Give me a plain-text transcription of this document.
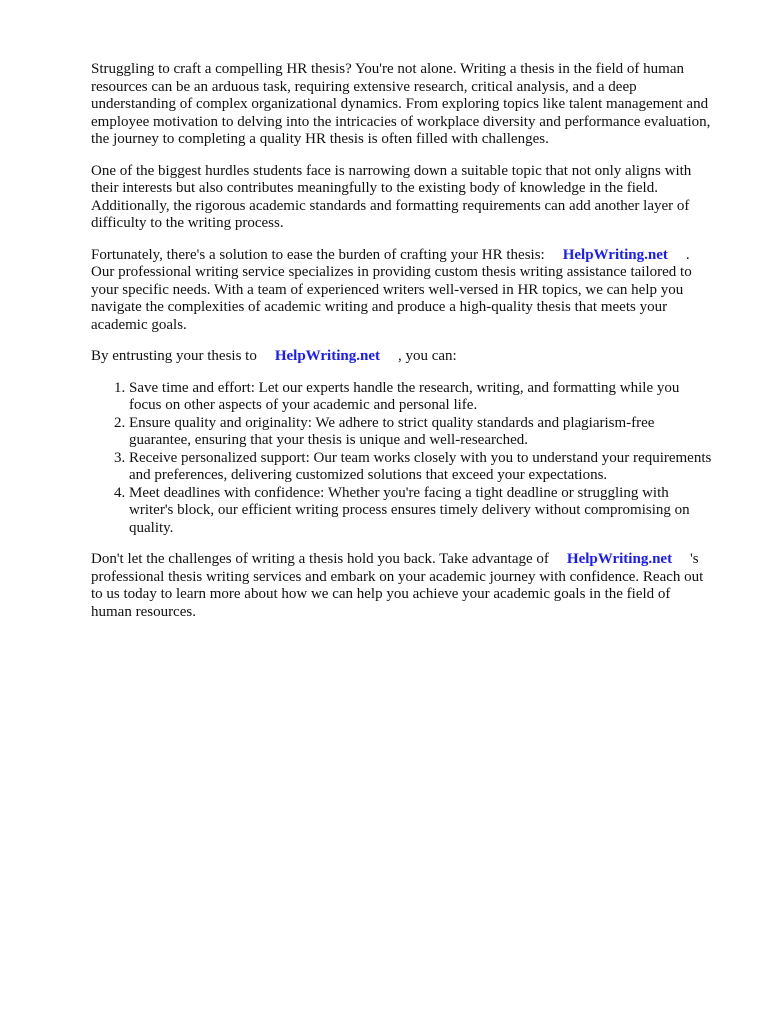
Struggling to craft a compelling HR thesis? You're not alone. Writing a thesis in the field of human resources can be an arduous task, requiring extensive research, critical analysis, and a deep understanding of complex organizational dynamics. From exploring topics like talent management and employee motivation to delving into the intricacies of workplace diversity and performance evaluation, the journey to completing a quality HR thesis is often filled with challenges.

One of the biggest hurdles students face is narrowing down a suitable topic that not only aligns with their interests but also contributes meaningfully to the existing body of knowledge in the field. Additionally, the rigorous academic standards and formatting requirements can add another layer of difficulty to the writing process.

Fortunately, there's a solution to ease the burden of crafting your HR thesis: HelpWriting.net . Our professional writing service specializes in providing custom thesis writing assistance tailored to your specific needs. With a team of experienced writers well-versed in HR topics, we can help you navigate the complexities of academic writing and produce a high-quality thesis that meets your academic goals.

By entrusting your thesis to HelpWriting.net , you can:

1. Save time and effort: Let our experts handle the research, writing, and formatting while you focus on other aspects of your academic and personal life.
2. Ensure quality and originality: We adhere to strict quality standards and plagiarism-free guarantee, ensuring that your thesis is unique and well-researched.
3. Receive personalized support: Our team works closely with you to understand your requirements and preferences, delivering customized solutions that exceed your expectations.
4. Meet deadlines with confidence: Whether you're facing a tight deadline or struggling with writer's block, our efficient writing process ensures timely delivery without compromising on quality.

Don't let the challenges of writing a thesis hold you back. Take advantage of HelpWriting.net 's professional thesis writing services and embark on your academic journey with confidence. Reach out to us today to learn more about how we can help you achieve your academic goals in the field of human resources.
